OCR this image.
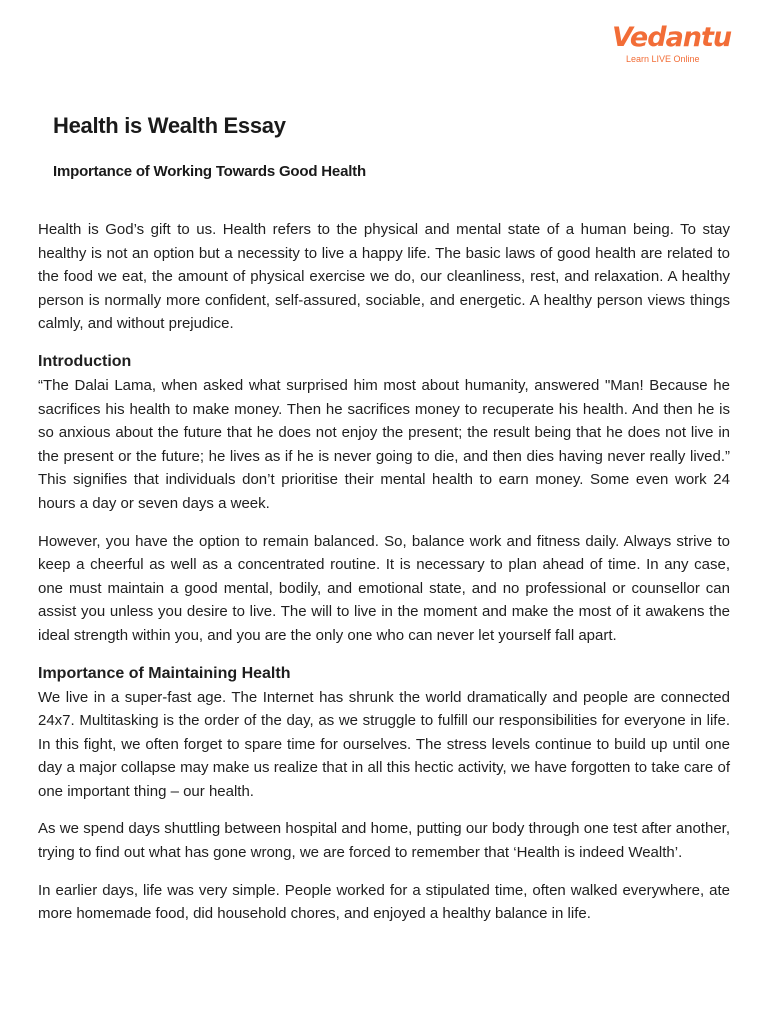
Vedantu
Learn LIVE Online
Health is Wealth Essay
Importance of Working Towards Good Health

Health is God’s gift to us. Health refers to the physical and mental state of a human being. To stay healthy is not an option but a necessity to live a happy life. The basic laws of good health are related to the food we eat, the amount of physical exercise we do, our cleanliness, rest, and relaxation. A healthy person is normally more confident, self-assured, sociable, and energetic. A healthy person views things calmly, and without prejudice.

Introduction

“The Dalai Lama, when asked what surprised him most about humanity, answered "Man! Because he sacrifices his health to make money. Then he sacrifices money to recuperate his health. And then he is so anxious about the future that he does not enjoy the present; the result being that he does not live in the present or the future; he lives as if he is never going to die, and then dies having never really lived.” This signifies that individuals don’t prioritise their mental health to earn money. Some even work 24 hours a day or seven days a week.

However, you have the option to remain balanced. So, balance work and fitness daily. Always strive to keep a cheerful as well as a concentrated routine. It is necessary to plan ahead of time. In any case, one must maintain a good mental, bodily, and emotional state, and no professional or counsellor can assist you unless you desire to live. The will to live in the moment and make the most of it awakens the ideal strength within you, and you are the only one who can never let yourself fall apart.

Importance of Maintaining Health

We live in a super-fast age. The Internet has shrunk the world dramatically and people are connected 24x7. Multitasking is the order of the day, as we struggle to fulfill our responsibilities for everyone in life. In this fight, we often forget to spare time for ourselves. The stress levels continue to build up until one day a major collapse may make us realize that in all this hectic activity, we have forgotten to take care of one important thing – our health.

As we spend days shuttling between hospital and home, putting our body through one test after another, trying to find out what has gone wrong, we are forced to remember that ‘Health is indeed Wealth’.

In earlier days, life was very simple. People worked for a stipulated time, often walked everywhere, ate more homemade food, did household chores, and enjoyed a healthy balance in life.
